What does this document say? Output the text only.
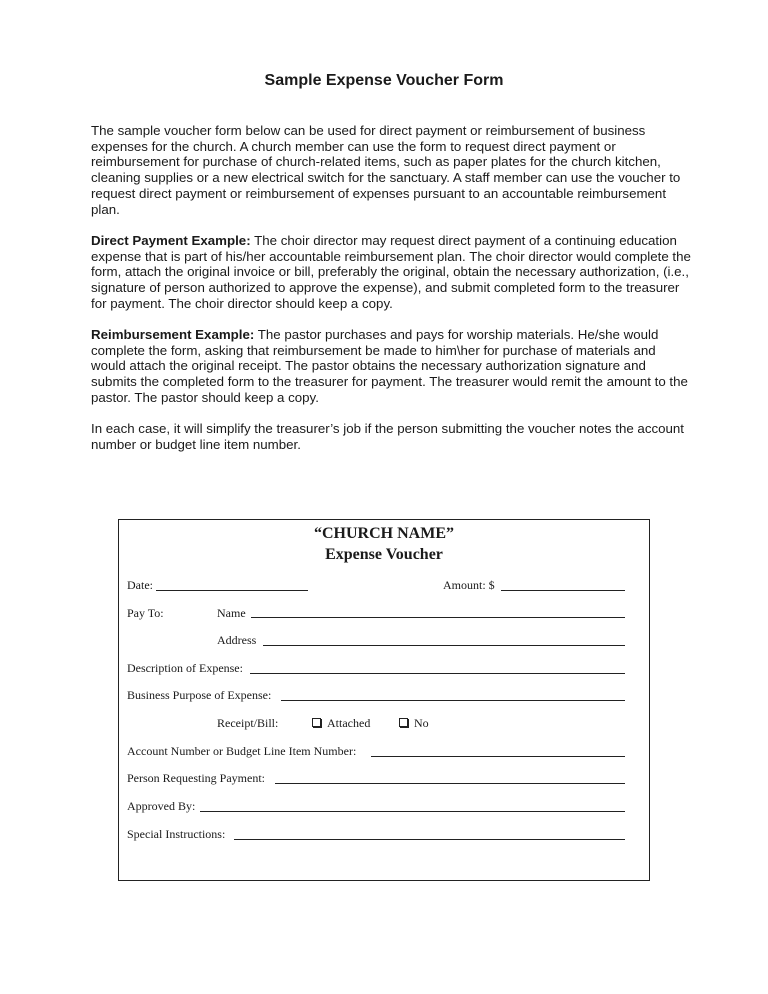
Sample Expense Voucher Form

The sample voucher form below can be used for direct payment or reimbursement of business expenses for the church. A church member can use the form to request direct payment or reimbursement for purchase of church-related items, such as paper plates for the church kitchen, cleaning supplies or a new electrical switch for the sanctuary. A staff member can use the voucher to request direct payment or reimbursement of expenses pursuant to an accountable reimbursement plan.

Direct Payment Example: The choir director may request direct payment of a continuing education expense that is part of his/her accountable reimbursement plan. The choir director would complete the form, attach the original invoice or bill, preferably the original, obtain the necessary authorization, (i.e., signature of person authorized to approve the expense), and submit completed form to the treasurer for payment. The choir director should keep a copy.

Reimbursement Example: The pastor purchases and pays for worship materials. He/she would complete the form, asking that reimbursement be made to him\her for purchase of materials and would attach the original receipt. The pastor obtains the necessary authorization signature and submits the completed form to the treasurer for payment. The treasurer would remit the amount to the pastor. The pastor should keep a copy.

In each case, it will simplify the treasurer’s job if the person submitting the voucher notes the account number or budget line item number.

“CHURCH NAME”
Expense Voucher
Date:	Amount: $
Pay To:	Name
Address
Description of Expense:
Business Purpose of Expense:
Receipt/Bill:	Attached	No
Account Number or Budget Line Item Number:
Person Requesting Payment:
Approved By:
Special Instructions:
